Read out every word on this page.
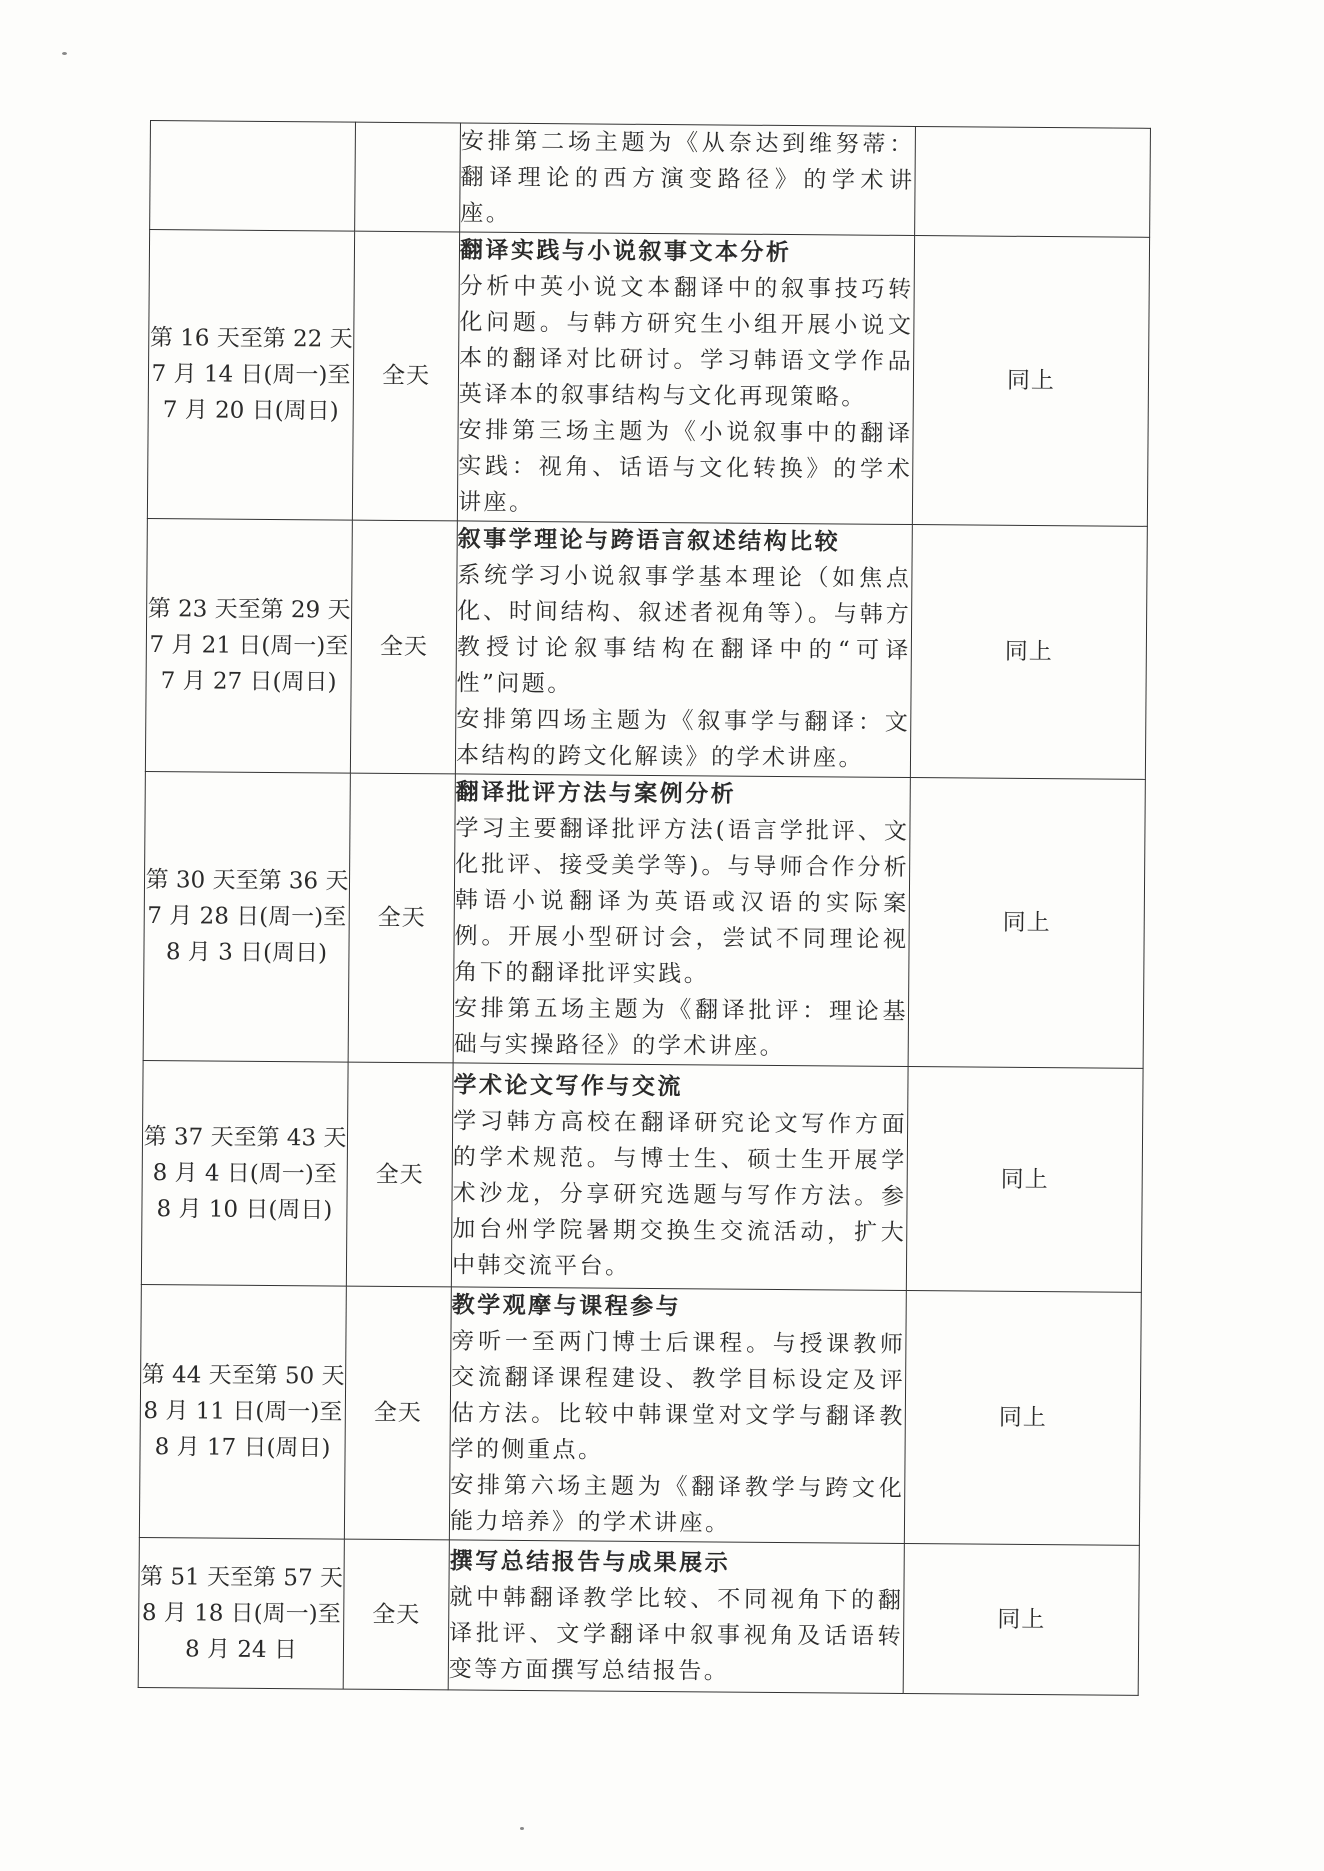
		安排第二场主题为《从奈达到维努蒂：翻译理论的西方演变路径》的学术讲座。	

第 16 天至第 22 天
7 月 14 日(周一)至 7 月 20 日(周日)	全天	翻译实践与小说叙事文本分析
分析中英小说文本翻译中的叙事技巧转化问题。与韩方研究生小组开展小说文本的翻译对比研讨。学习韩语文学作品英译本的叙事结构与文化再现策略。
安排第三场主题为《小说叙事中的翻译实践：视角、话语与文化转换》的学术讲座。	同上

第 23 天至第 29 天
7 月 21 日(周一)至 7 月 27 日(周日)	全天	叙事学理论与跨语言叙述结构比较
系统学习小说叙事学基本理论（如焦点化、时间结构、叙述者视角等）。与韩方教授讨论叙事结构在翻译中的“可译性”问题。
安排第四场主题为《叙事学与翻译：文本结构的跨文化解读》的学术讲座。	同上

第 30 天至第 36 天
7 月 28 日(周一)至 8 月 3 日(周日)	全天	翻译批评方法与案例分析
学习主要翻译批评方法(语言学批评、文化批评、接受美学等)。与导师合作分析韩语小说翻译为英语或汉语的实际案例。开展小型研讨会，尝试不同理论视角下的翻译批评实践。
安排第五场主题为《翻译批评：理论基础与实操路径》的学术讲座。	同上

第 37 天至第 43 天
8 月 4 日(周一)至 8 月 10 日(周日)	全天	学术论文写作与交流
学习韩方高校在翻译研究论文写作方面的学术规范。与博士生、硕士生开展学术沙龙，分享研究选题与写作方法。参加台州学院暑期交换生交流活动，扩大中韩交流平台。	同上

第 44 天至第 50 天
8 月 11 日(周一)至 8 月 17 日(周日)	全天	教学观摩与课程参与
旁听一至两门博士后课程。与授课教师交流翻译课程建设、教学目标设定及评估方法。比较中韩课堂对文学与翻译教学的侧重点。
安排第六场主题为《翻译教学与跨文化能力培养》的学术讲座。	同上

第 51 天至第 57 天
8 月 18 日(周一)至 8 月 24 日	全天	撰写总结报告与成果展示
就中韩翻译教学比较、不同视角下的翻译批评、文学翻译中叙事视角及话语转变等方面撰写总结报告。	同上
